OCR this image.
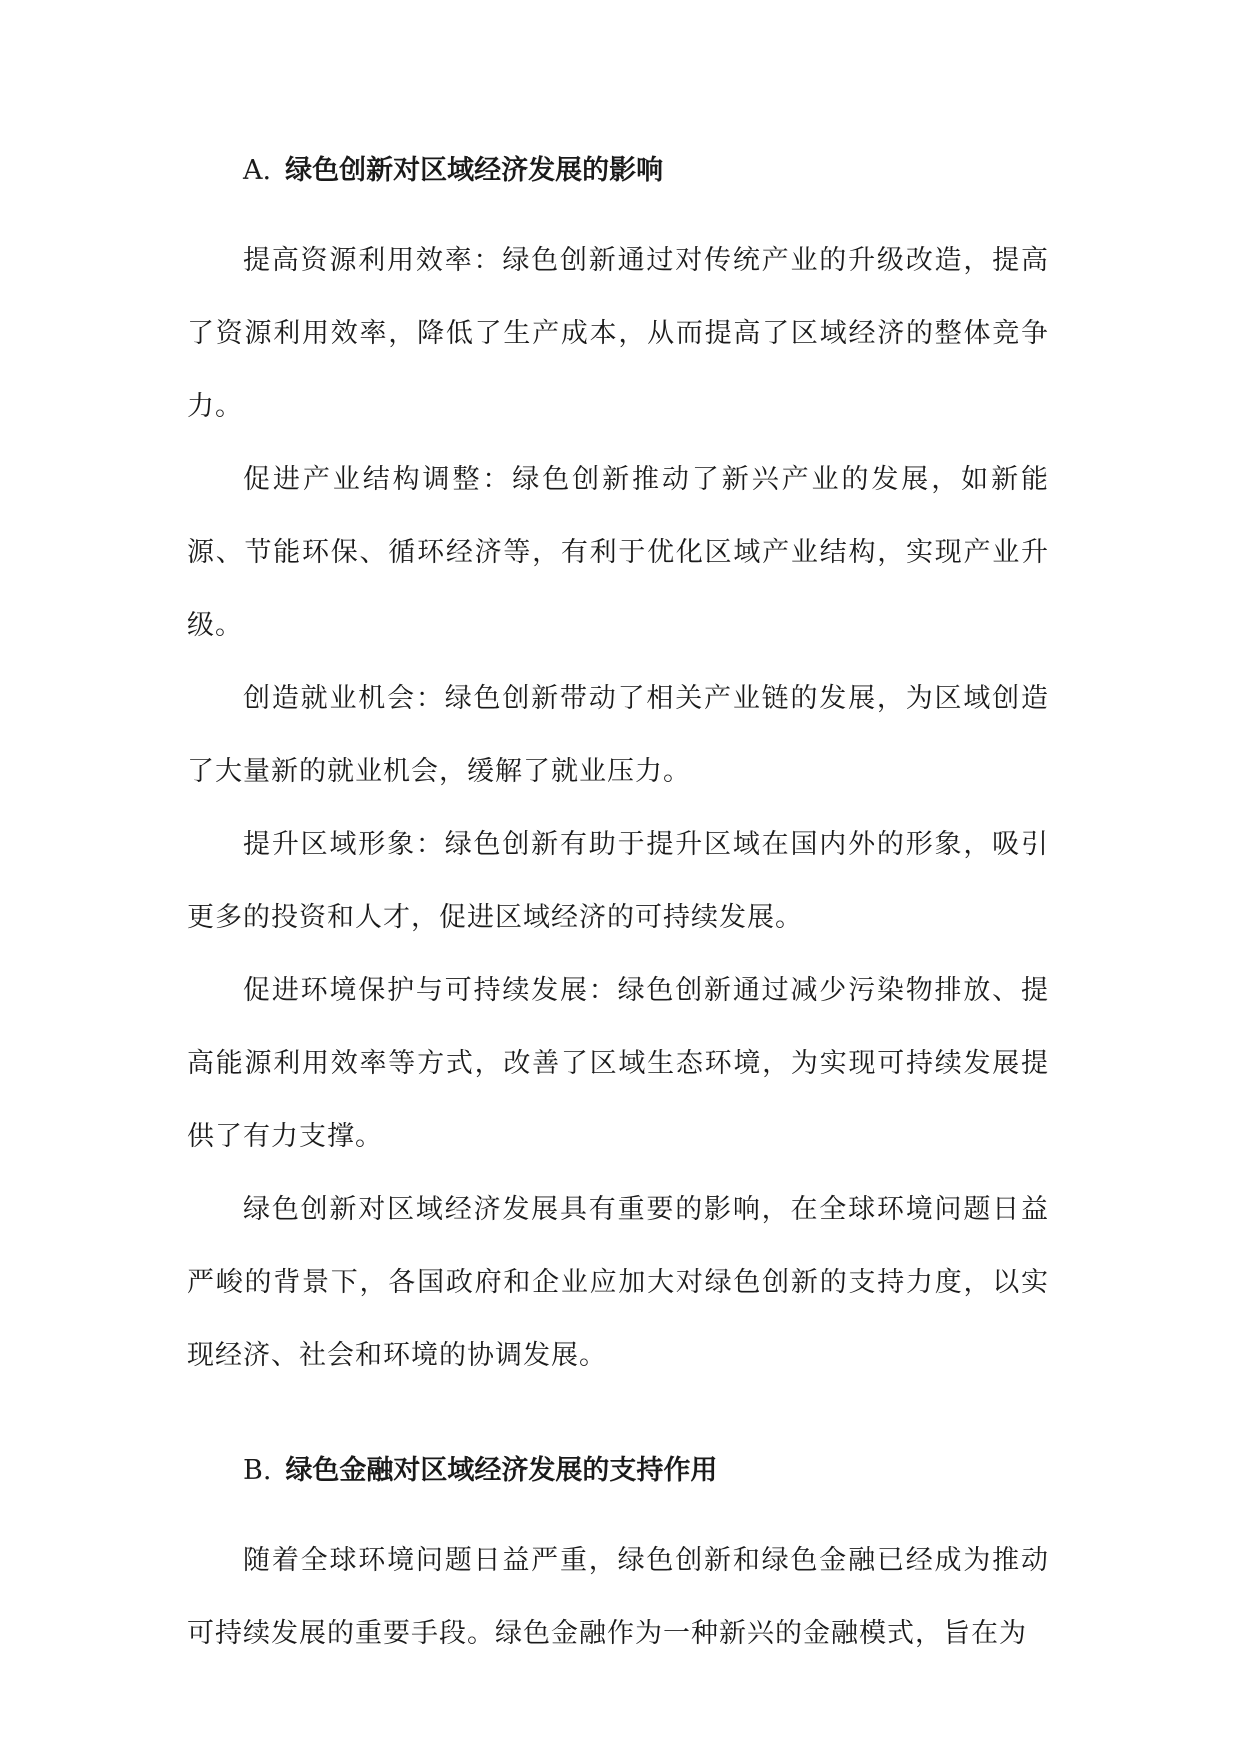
A. 绿色创新对区域经济发展的影响

提高资源利用效率：绿色创新通过对传统产业的升级改造，提高了资源利用效率，降低了生产成本，从而提高了区域经济的整体竞争力。

促进产业结构调整：绿色创新推动了新兴产业的发展，如新能源、节能环保、循环经济等，有利于优化区域产业结构，实现产业升级。

创造就业机会：绿色创新带动了相关产业链的发展，为区域创造了大量新的就业机会，缓解了就业压力。

提升区域形象：绿色创新有助于提升区域在国内外的形象，吸引更多的投资和人才，促进区域经济的可持续发展。

促进环境保护与可持续发展：绿色创新通过减少污染物排放、提高能源利用效率等方式，改善了区域生态环境，为实现可持续发展提供了有力支撑。

绿色创新对区域经济发展具有重要的影响，在全球环境问题日益严峻的背景下，各国政府和企业应加大对绿色创新的支持力度，以实现经济、社会和环境的协调发展。

B. 绿色金融对区域经济发展的支持作用

随着全球环境问题日益严重，绿色创新和绿色金融已经成为推动可持续发展的重要手段。绿色金融作为一种新兴的金融模式，旨在为
